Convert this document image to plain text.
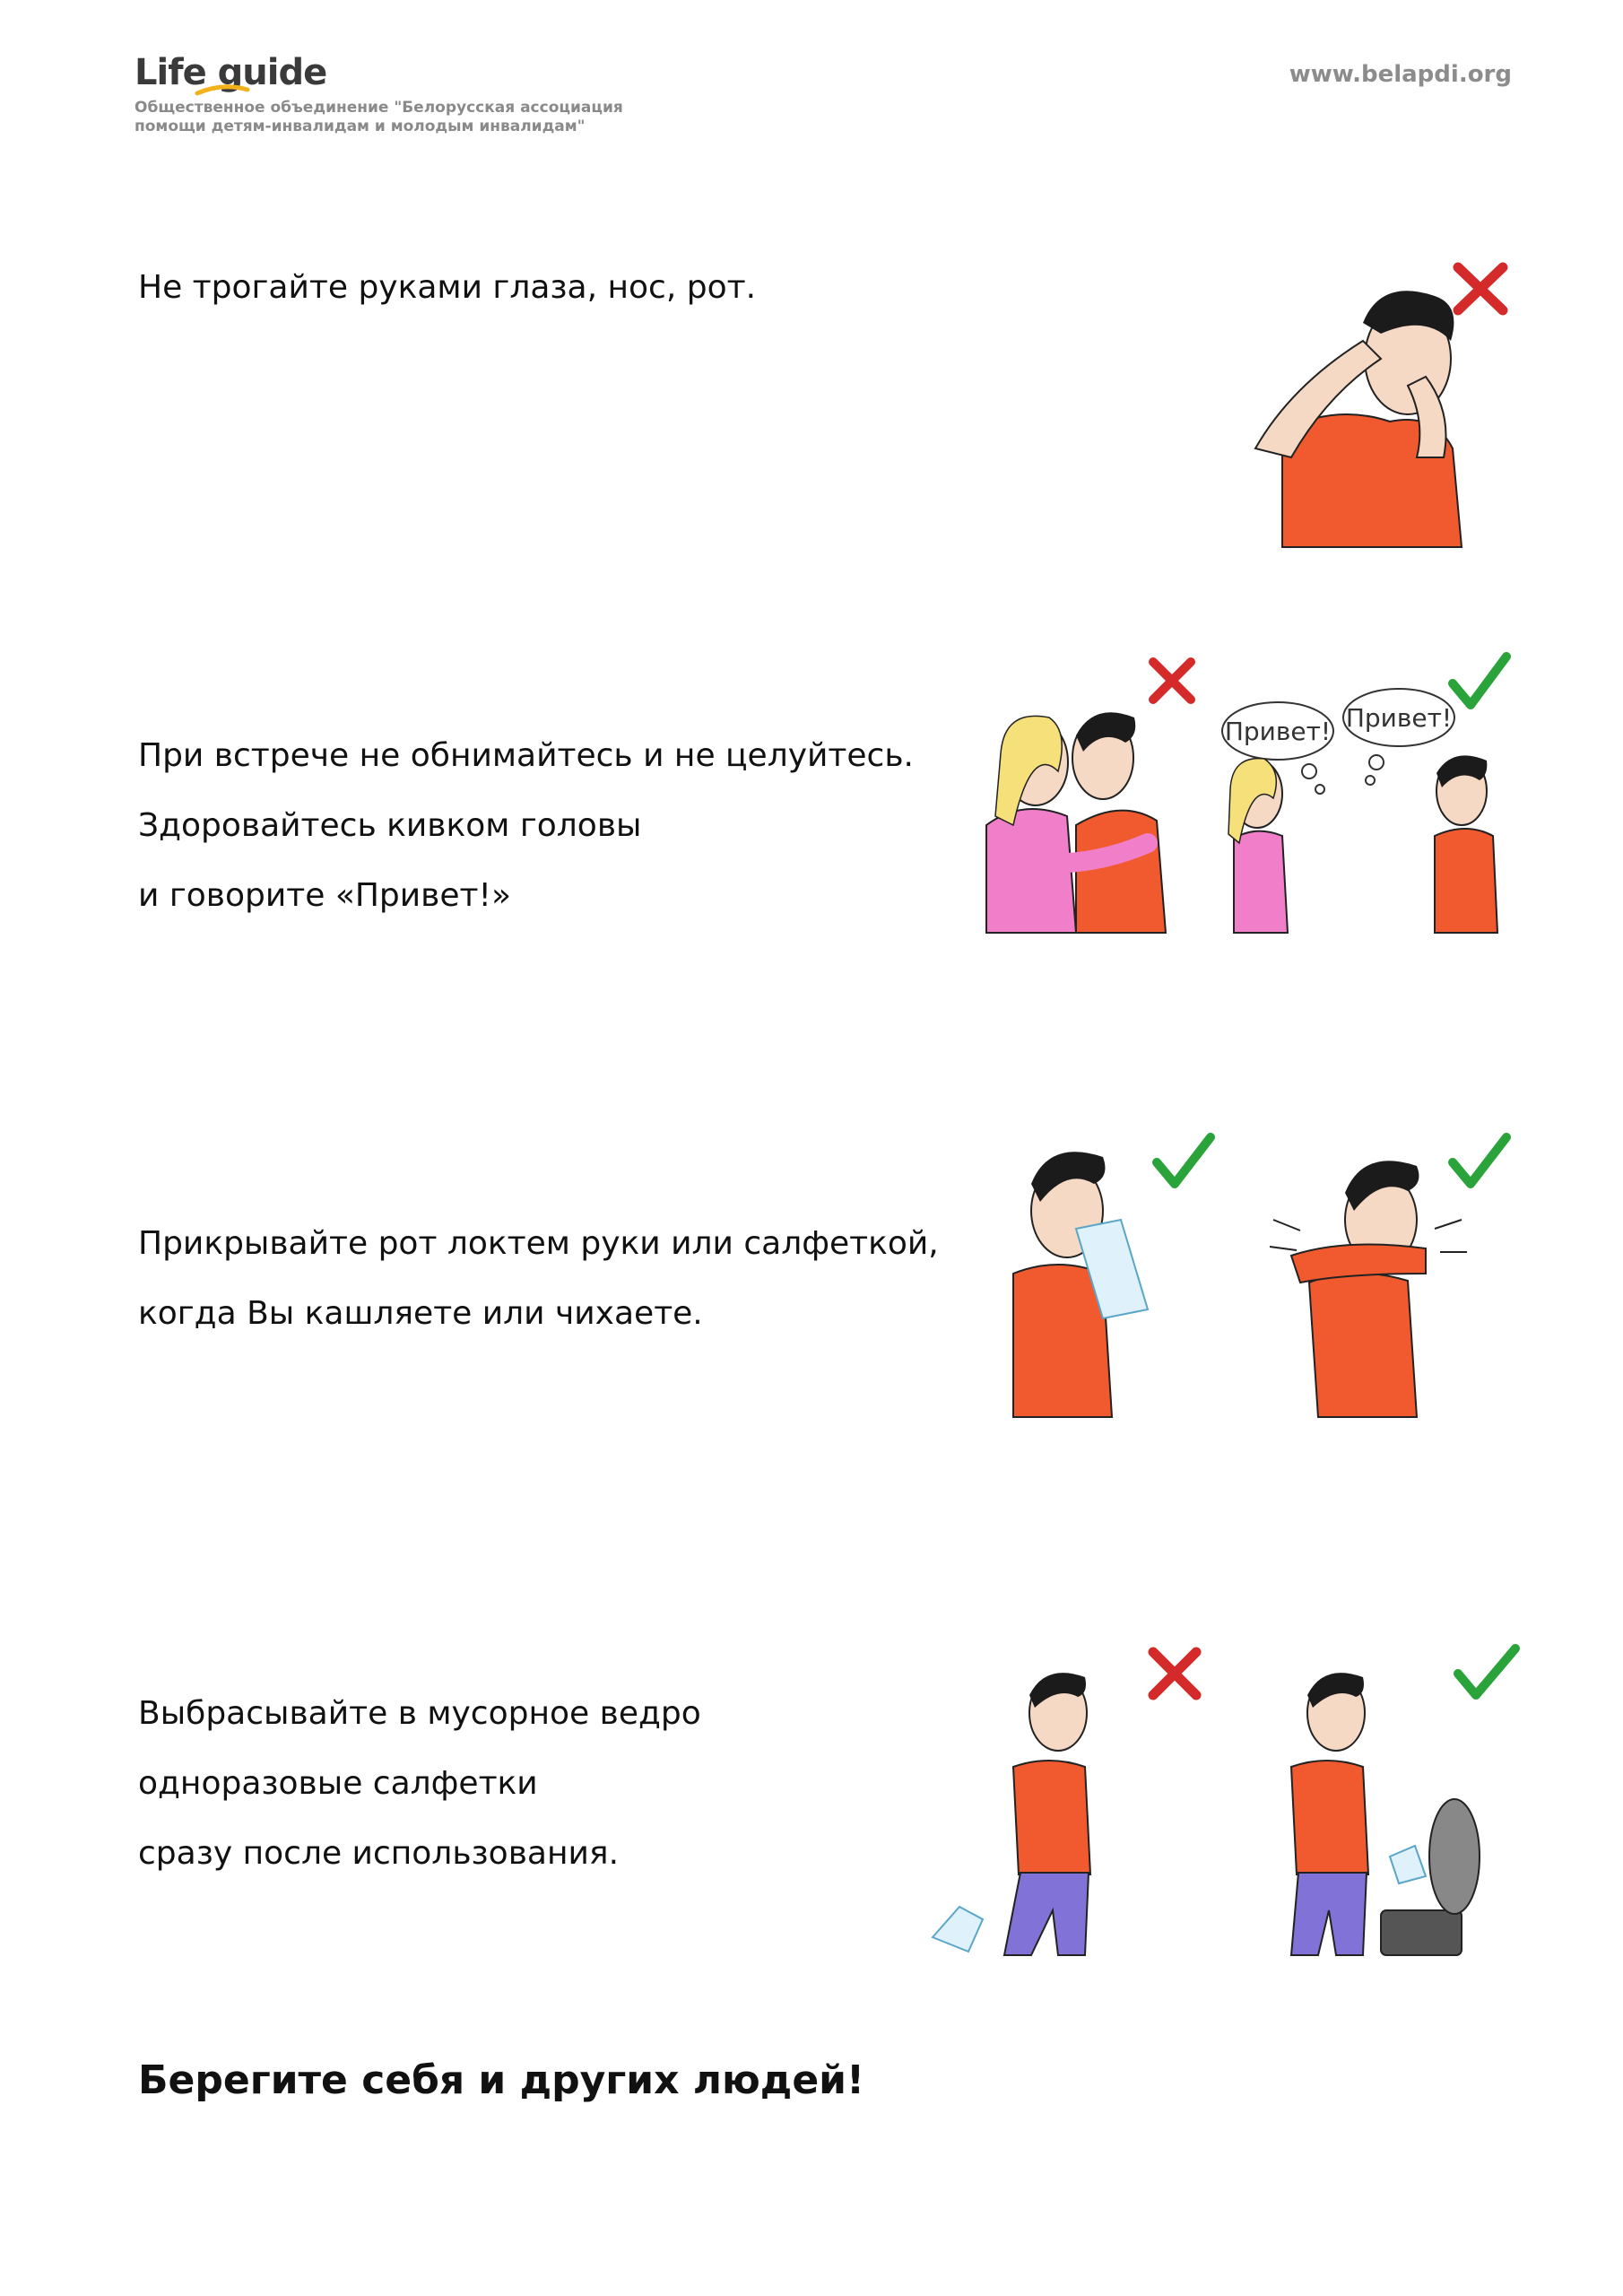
Life guide
Общественное объединение "Белорусская ассоциация
помощи детям-инвалидам и молодым инвалидам"
www.belapdi.org
Не трогайте руками глаза, нос, рот.
При встрече не обнимайтесь и не целуйтесь.
Здоровайтесь кивком головы
и говорите «Привет!»
Привет! Привет!
Прикрывайте рот локтем руки или салфеткой,
когда Вы кашляете или чихаете.
Выбрасывайте в мусорное ведро
одноразовые салфетки
сразу после использования.
Берегите себя и других людей!
